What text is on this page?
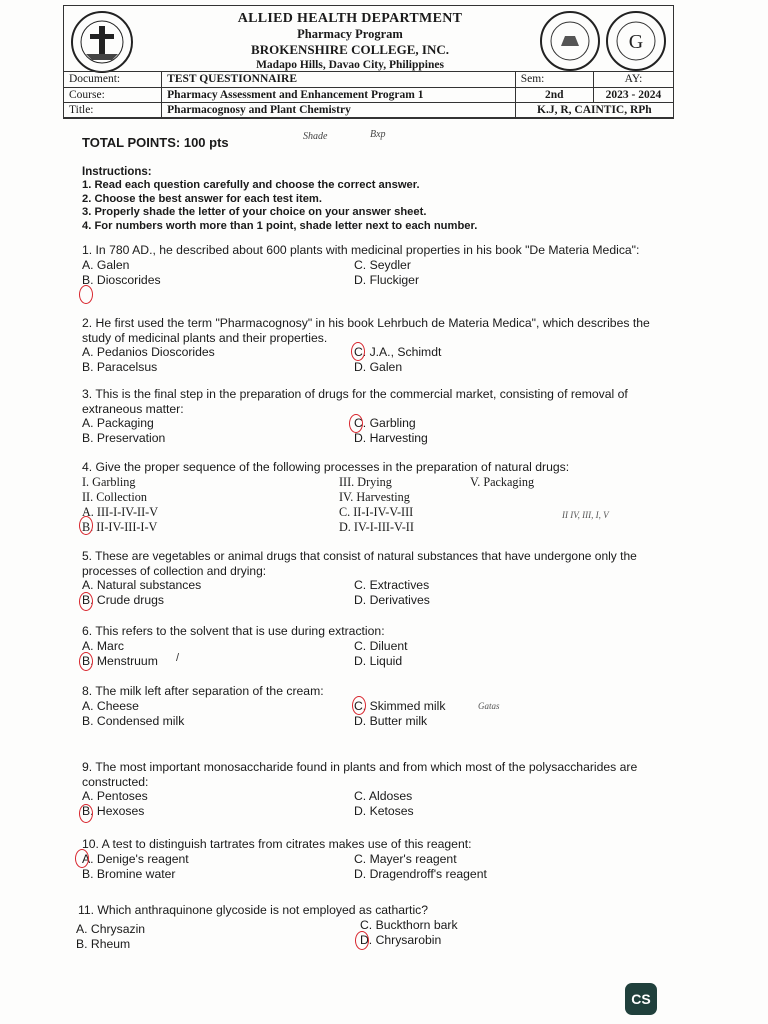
G
ALLIED HEALTH DEPARTMENT
Pharmacy Program
BROKENSHIRE COLLEGE, INC.
Madapo Hills, Davao City, Philippines
Document:	TEST QUESTIONNAIRE	Sem:	AY:
Course:	Pharmacy Assessment and Enhancement Program 1	2nd	2023 - 2024
Title:	Pharmacognosy and Plant Chemistry	K.J, R, CAINTIC, RPh	
TOTAL POINTS: 100 pts
Instructions:
1. Read each question carefully and choose the correct answer.
2. Choose the best answer for each test item.
3. Properly shade the letter of your choice on your answer sheet.
4. For numbers worth more than 1 point, shade letter next to each number.
Shade	Bxp
1. In 780 AD., he described about 600 plants with medicinal properties in his book "De Materia Medica":
A. Galen
B. Dioscorides
C. Seydler
D. Fluckiger
2. He first used the term "Pharmacognosy" in his book Lehrbuch de Materia Medica", which describes the study of medicinal plants and their properties.
A. Pedanios Dioscorides
B. Paracelsus
C. J.A., Schimdt
D. Galen
3. This is the final step in the preparation of drugs for the commercial market, consisting of removal of extraneous matter:
A. Packaging
B. Preservation
C. Garbling
D. Harvesting
4. Give the proper sequence of the following processes in the preparation of natural drugs:
I. Garbling
II. Collection
III. Drying
IV. Harvesting
V. Packaging
A. III-I-IV-II-V
B. II-IV-III-I-V
C. II-I-IV-V-III
D. IV-I-III-V-II
II IV, III, I, V
5. These are vegetables or animal drugs that consist of natural substances that have undergone only the processes of collection and drying:
A. Natural substances
B. Crude drugs
C. Extractives
D. Derivatives
6. This refers to the solvent that is use during extraction:
A. Marc
B. Menstruum
C. Diluent
D. Liquid
/
8. The milk left after separation of the cream:
A. Cheese
B. Condensed milk
C. Skimmed milk
D. Butter milk
Gatas
9. The most important monosaccharide found in plants and from which most of the polysaccharides are constructed:
A. Pentoses
B. Hexoses
C. Aldoses
D. Ketoses
10. A test to distinguish tartrates from citrates makes use of this reagent:
A. Denige's reagent
B. Bromine water
C. Mayer's reagent
D. Dragendroff's reagent
11. Which anthraquinone glycoside is not employed as cathartic?
C. Buckthorn bark
A. Chrysazin
B. Rheum	D. Chrysarobin
CS
